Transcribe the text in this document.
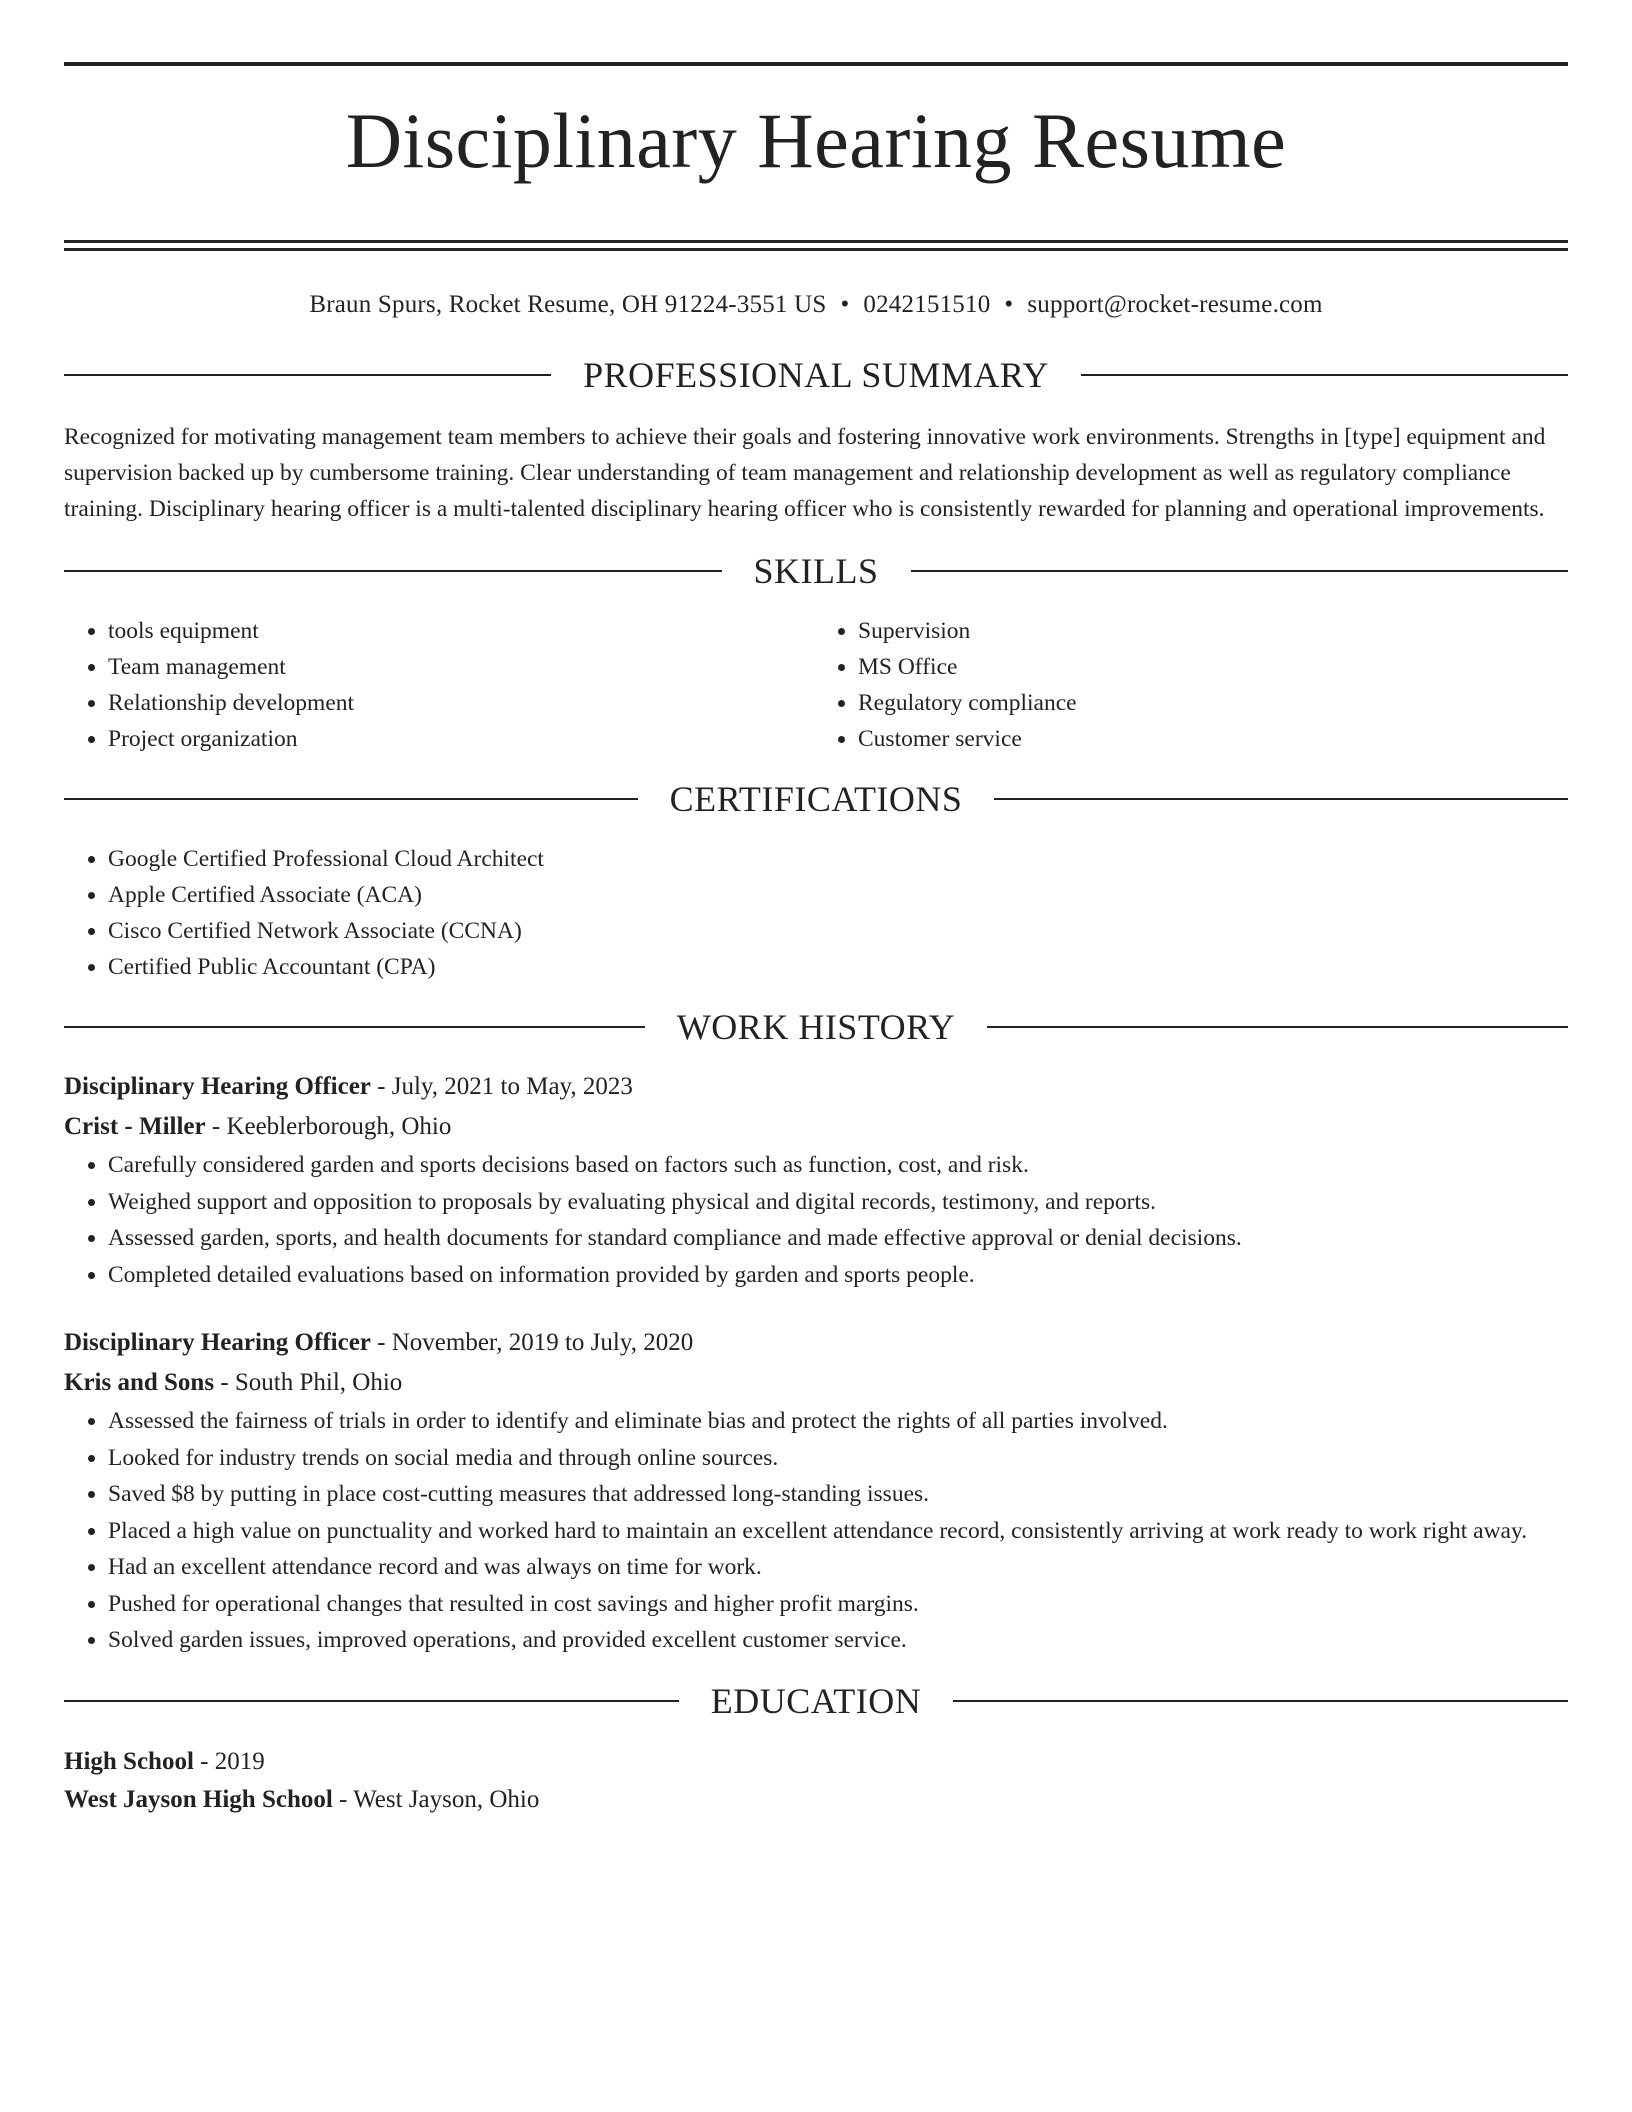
Disciplinary Hearing Resume
Braun Spurs, Rocket Resume, OH 91224-3551 US • 0242151510 • support@rocket-resume.com
PROFESSIONAL SUMMARY

Recognized for motivating management team members to achieve their goals and fostering innovative work environments. Strengths in [type] equipment and supervision backed up by cumbersome training. Clear understanding of team management and relationship development as well as regulatory compliance training. Disciplinary hearing officer is a multi-talented disciplinary hearing officer who is consistently rewarded for planning and operational improvements.

SKILLS
• tools equipment
• Team management
• Relationship development
• Project organization
• Supervision
• MS Office
• Regulatory compliance
• Customer service
CERTIFICATIONS
• Google Certified Professional Cloud Architect
• Apple Certified Associate (ACA)
• Cisco Certified Network Associate (CCNA)
• Certified Public Accountant (CPA)
WORK HISTORY
Disciplinary Hearing Officer - July, 2021 to May, 2023
Crist - Miller - Keeblerborough, Ohio
• Carefully considered garden and sports decisions based on factors such as function, cost, and risk.
• Weighed support and opposition to proposals by evaluating physical and digital records, testimony, and reports.
• Assessed garden, sports, and health documents for standard compliance and made effective approval or denial decisions.
• Completed detailed evaluations based on information provided by garden and sports people.
Disciplinary Hearing Officer - November, 2019 to July, 2020
Kris and Sons - South Phil, Ohio
• Assessed the fairness of trials in order to identify and eliminate bias and protect the rights of all parties involved.
• Looked for industry trends on social media and through online sources.
• Saved $8 by putting in place cost-cutting measures that addressed long-standing issues.
• Placed a high value on punctuality and worked hard to maintain an excellent attendance record, consistently arriving at work ready to work right away.
• Had an excellent attendance record and was always on time for work.
• Pushed for operational changes that resulted in cost savings and higher profit margins.
• Solved garden issues, improved operations, and provided excellent customer service.
EDUCATION
High School - 2019
West Jayson High School - West Jayson, Ohio
